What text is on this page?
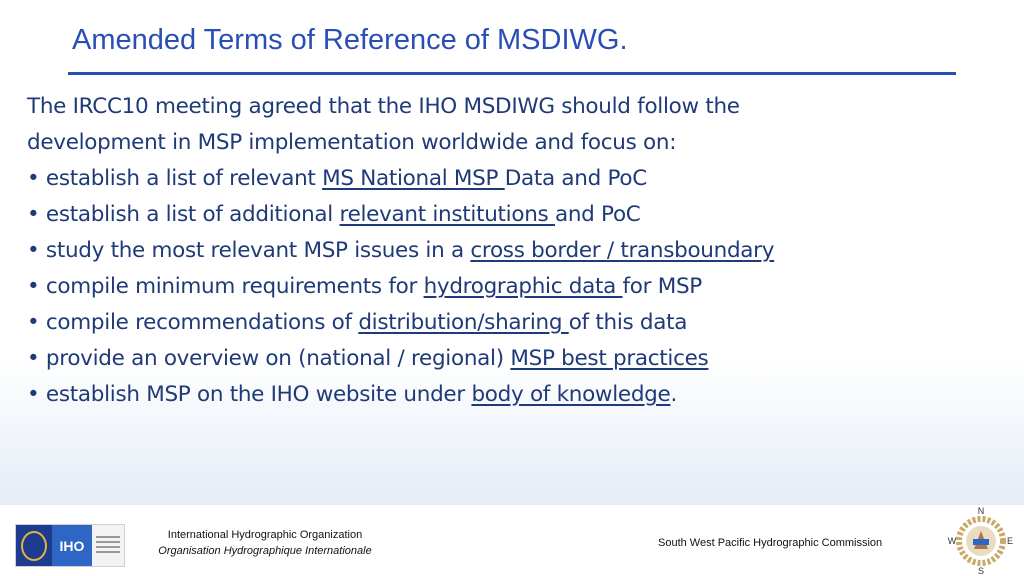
Amended Terms of Reference of MSDIWG.

The IRCC10 meeting agreed that the IHO MSDIWG should follow the

development in MSP implementation worldwide and focus on:

• establish a list of relevant MS National MSP Data and PoC

• establish a list of additional relevant institutions and PoC

• study the most relevant MSP issues in a cross border / transboundary

• compile minimum requirements for hydrographic data for MSP

• compile recommendations of distribution/sharing of this data

• provide an overview on (national / regional) MSP best practices

• establish MSP on the IHO website under body of knowledge.

IHO
International Hydrographic Organization
Organisation Hydrographique Internationale
South West Pacific Hydrographic Commission
N
E
S
W
